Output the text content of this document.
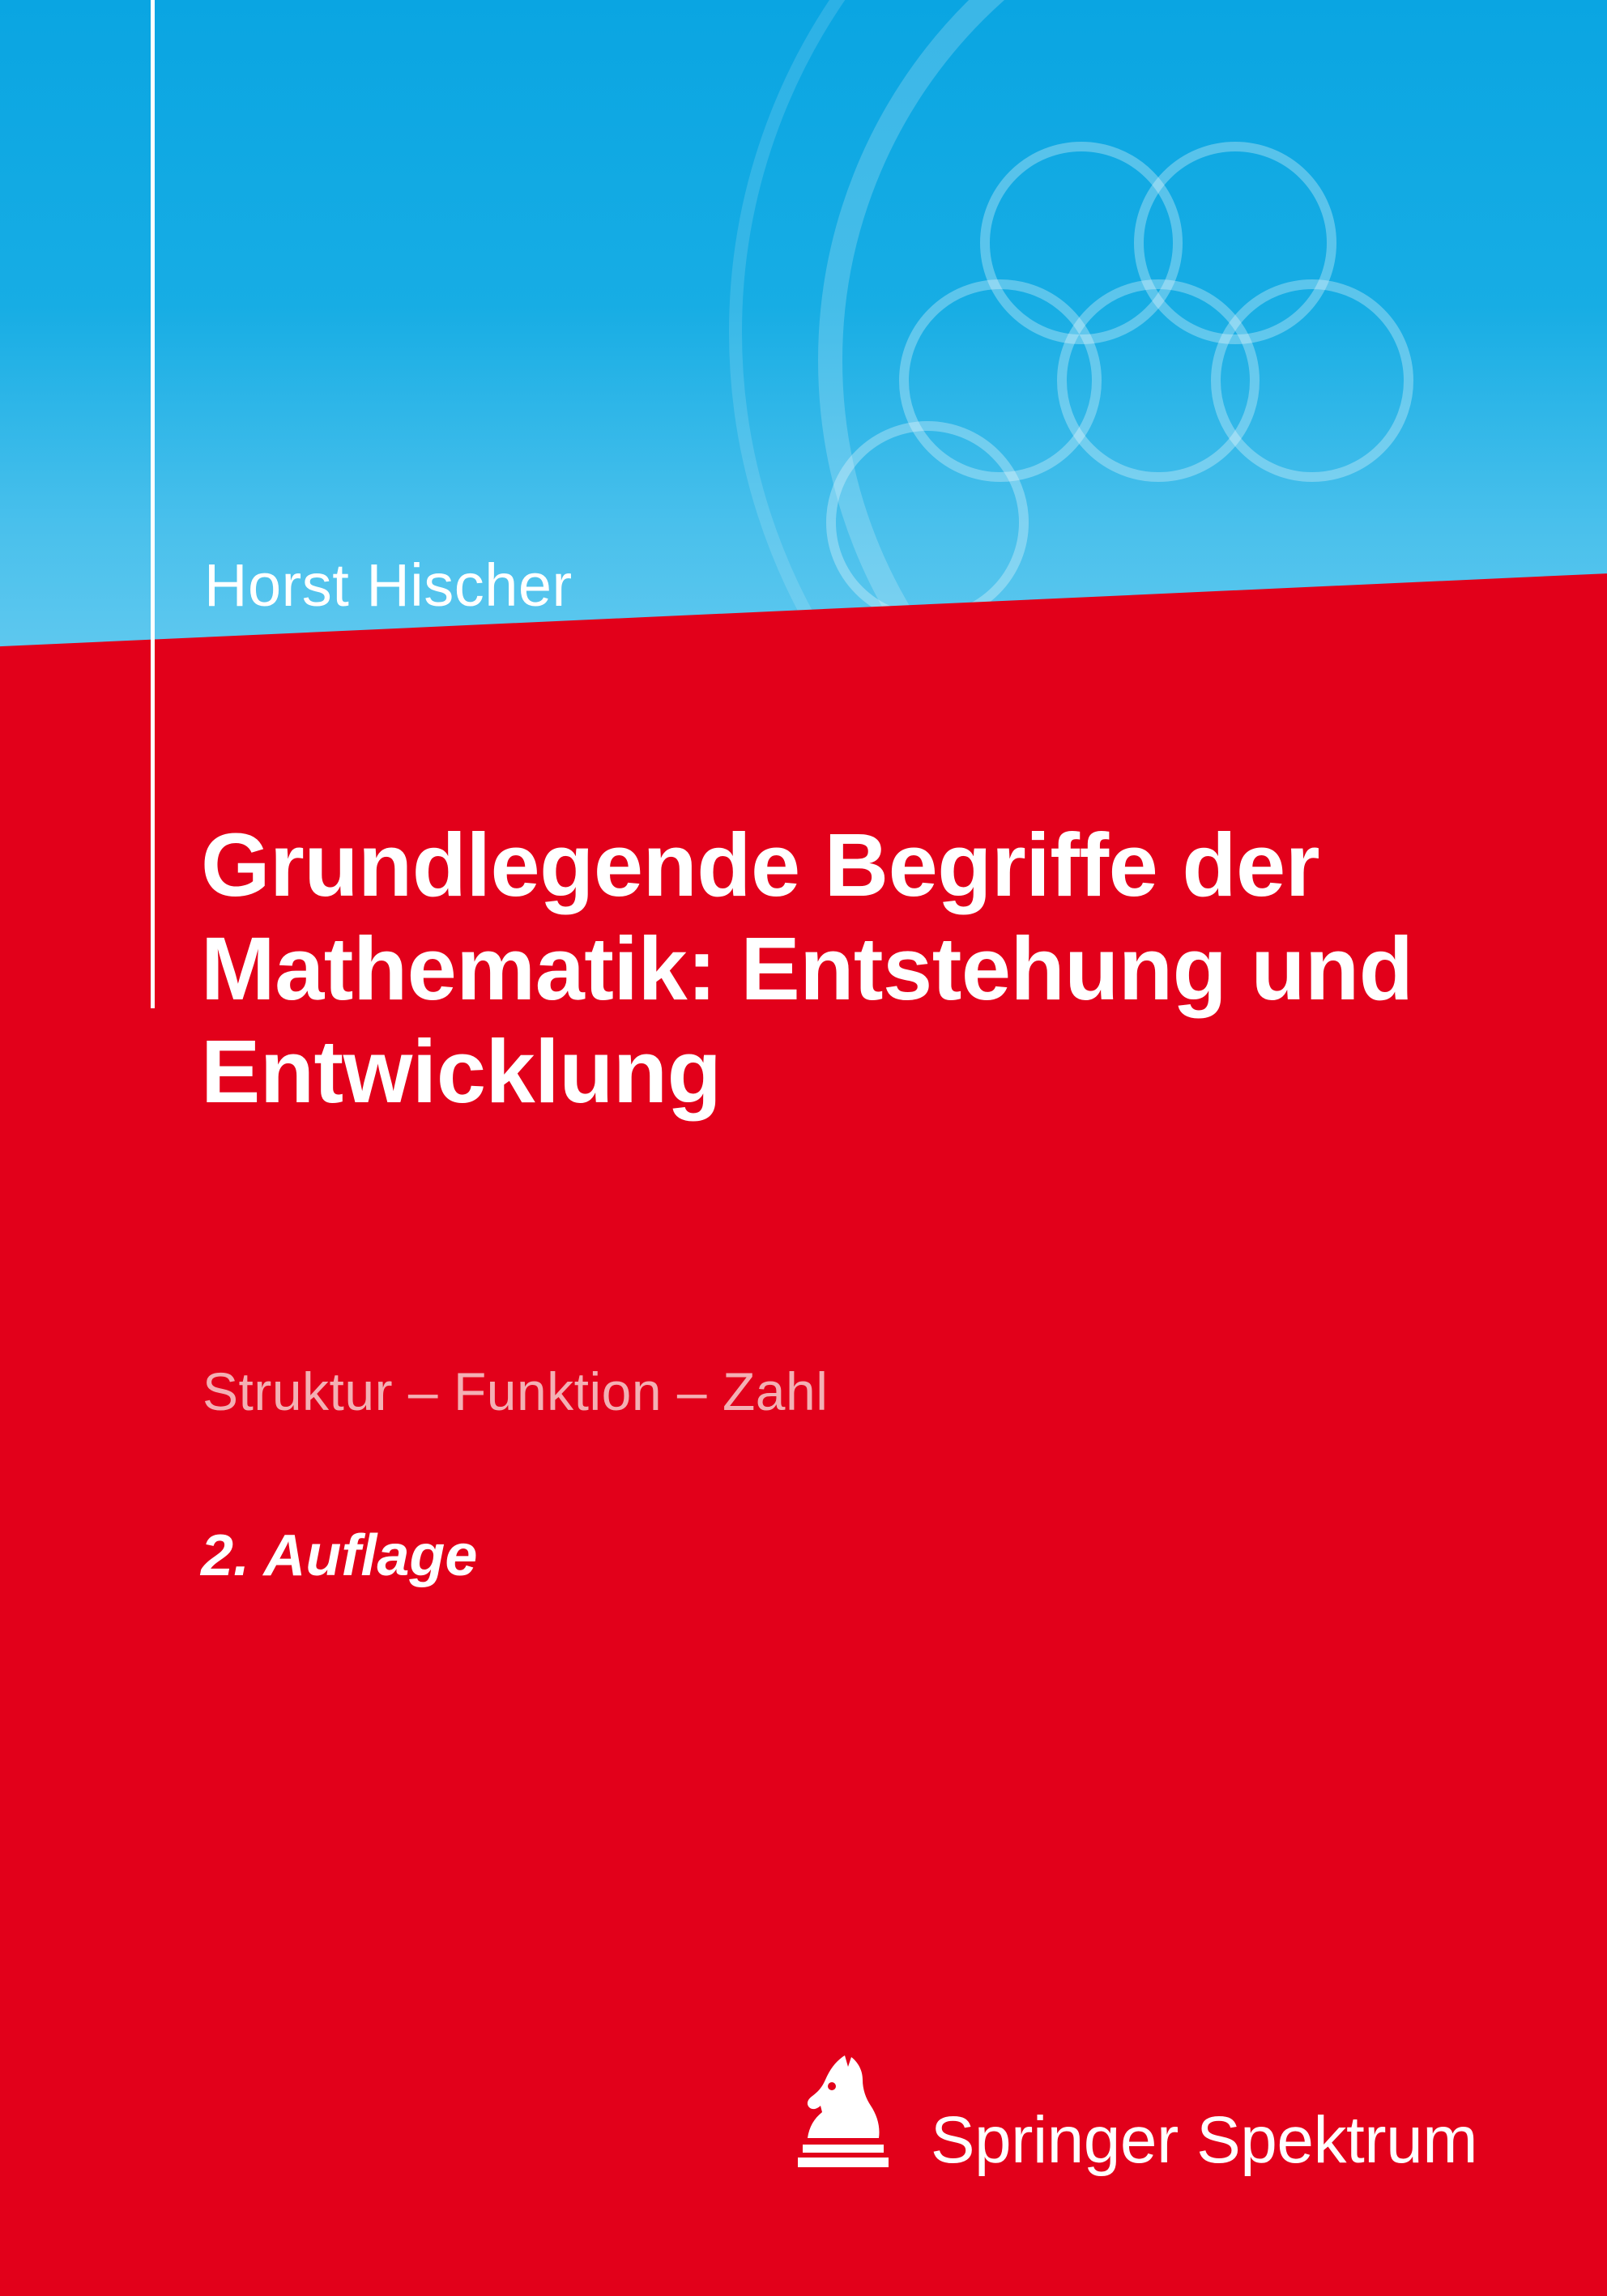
Horst Hischer
Grundlegende Begriffe der Mathematik: Entstehung und Entwicklung
Struktur – Funktion – Zahl
2. Auflage
Springer Spektrum
